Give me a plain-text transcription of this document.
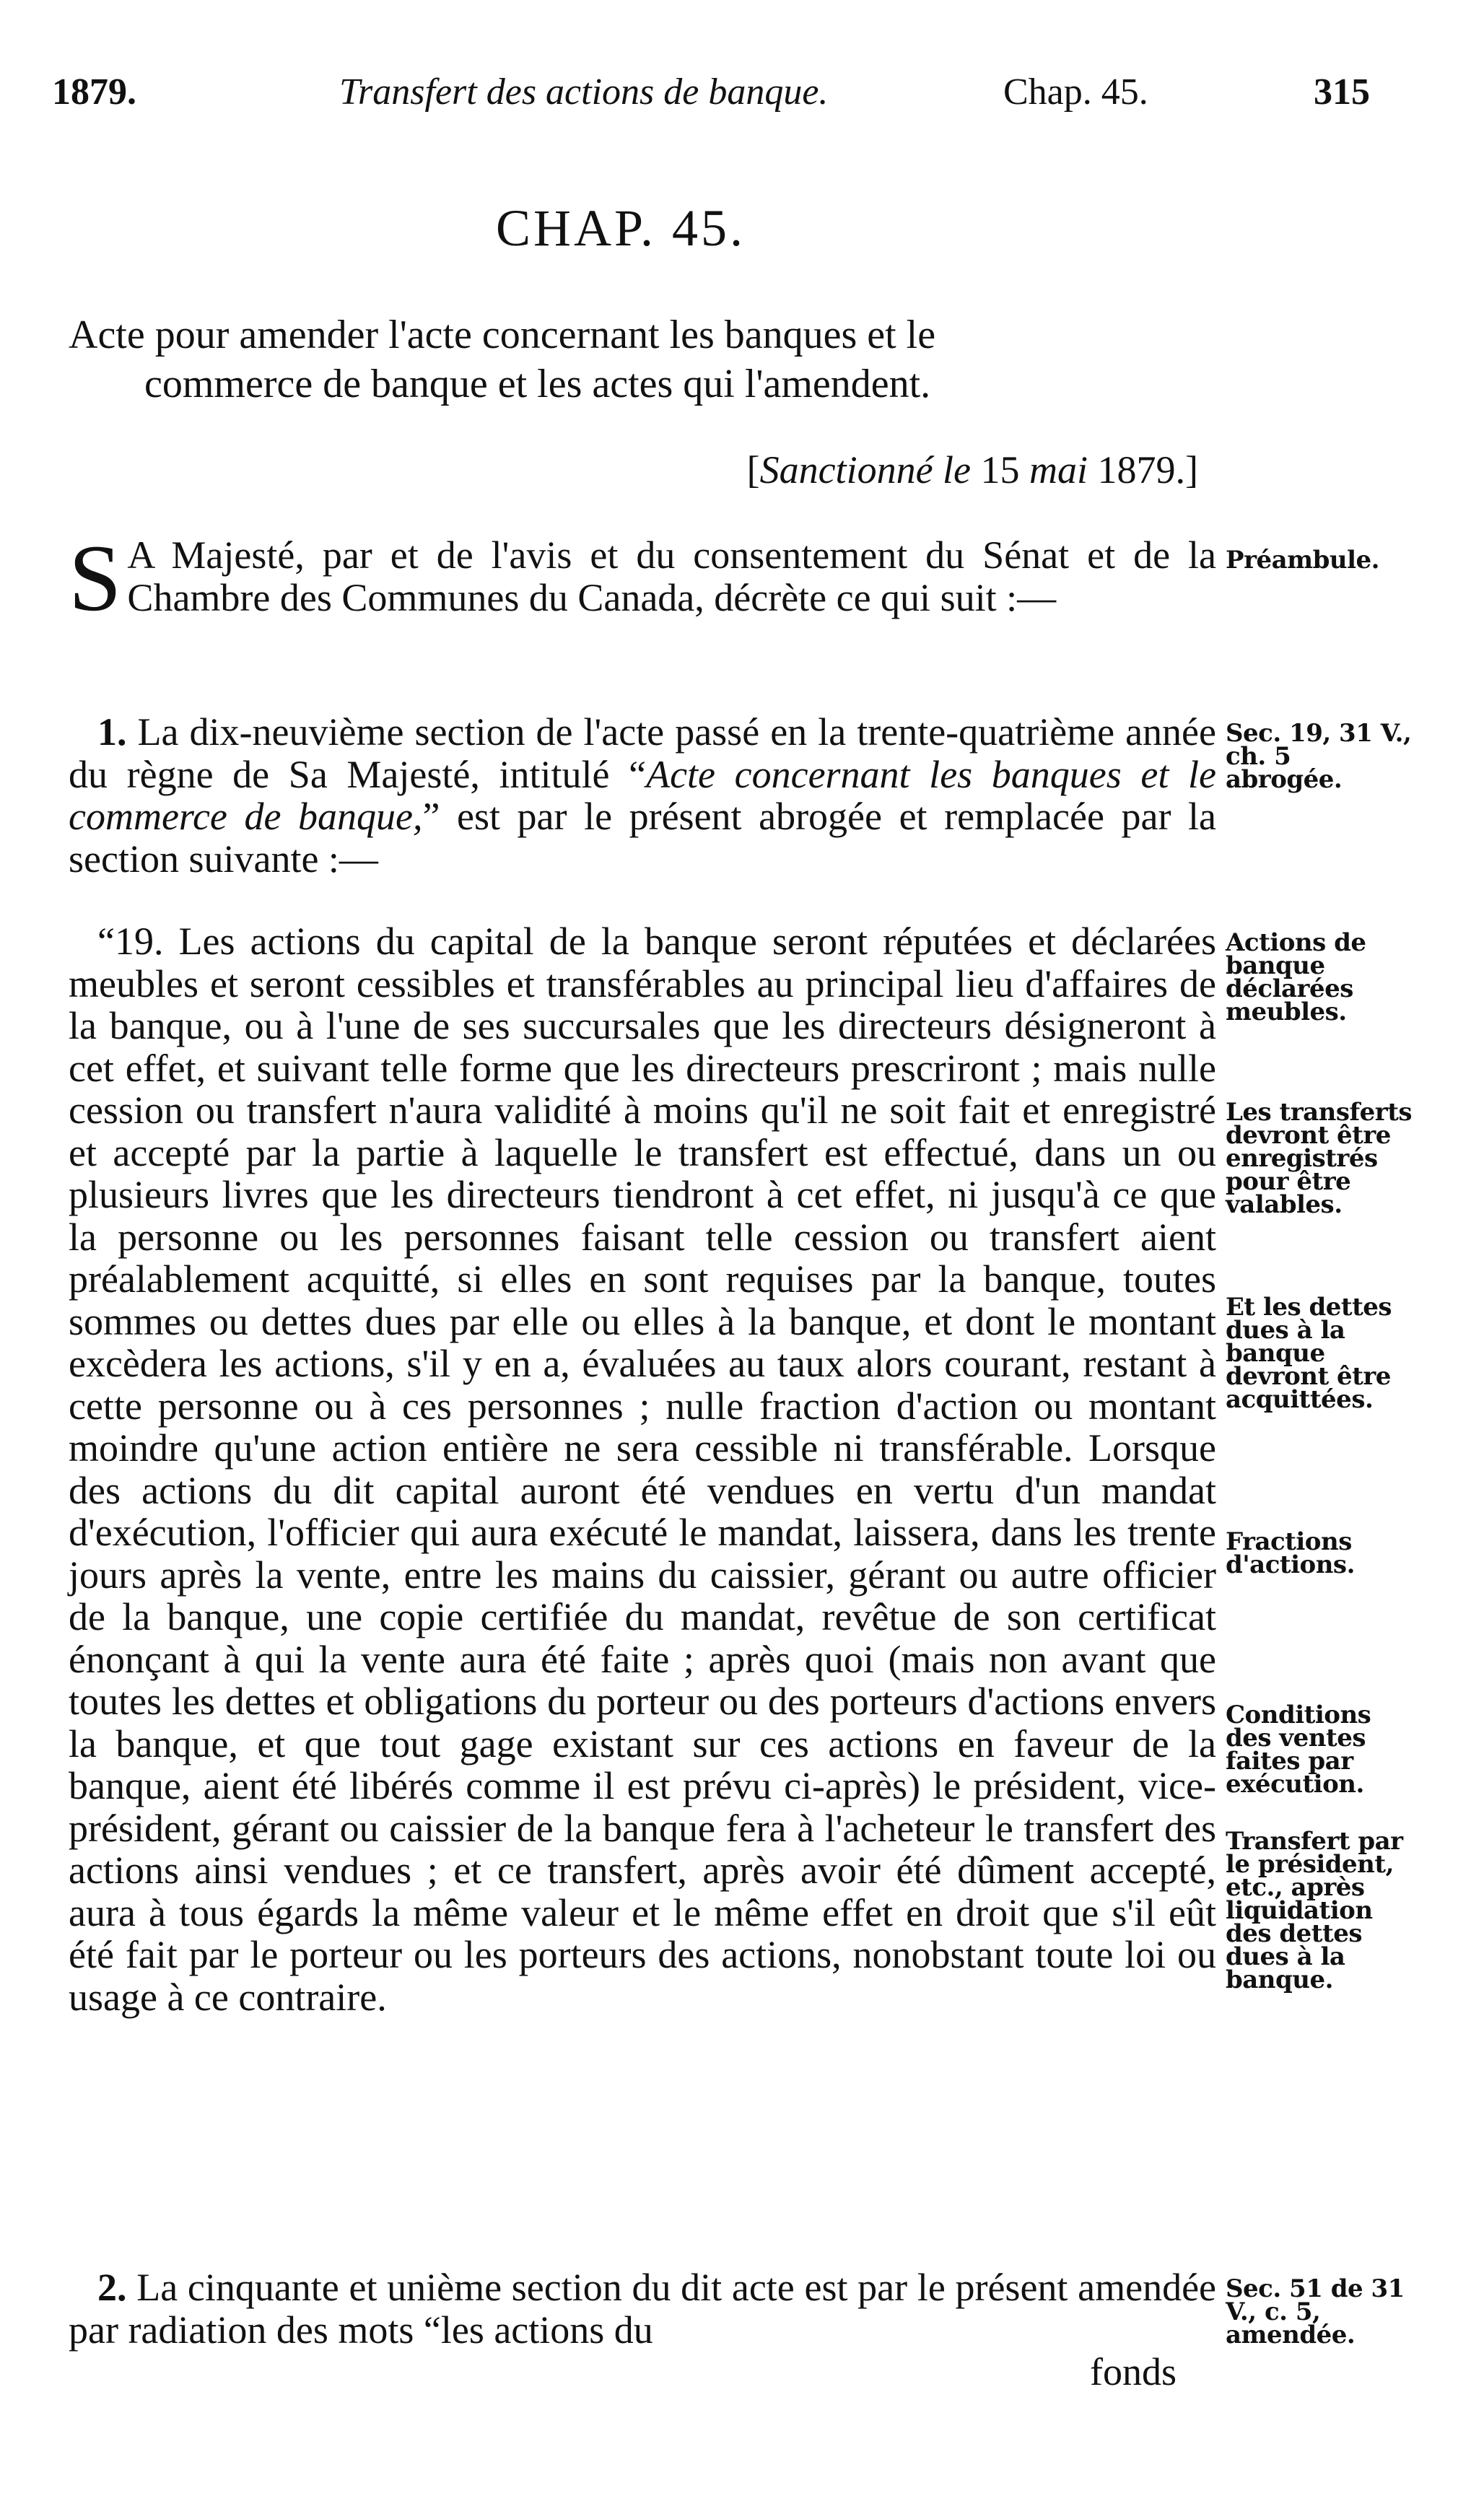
1879.	Transfert des actions de banque.	Chap. 45.	315
CHAP. 45.
Acte pour amender l'acte concernant les banques et le
commerce de banque et les actes qui l'amendent.
[Sanctionné le 15 mai 1879.]
S A Majesté, par et de l'avis et du consentement du Sénat et de la Chambre des Communes du Canada, décrète ce qui suit :—
1. La dix-neuvième section de l'acte passé en la trente-quatrième année du règne de Sa Majesté, intitulé “Acte concernant les banques et le commerce de banque,” est par le présent abrogée et remplacée par la section suivante :—
“19. Les actions du capital de la banque seront réputées et déclarées meubles et seront cessibles et transférables au principal lieu d'affaires de la banque, ou à l'une de ses succursales que les directeurs désigneront à cet effet, et suivant telle forme que les directeurs prescriront ; mais nulle cession ou transfert n'aura validité à moins qu'il ne soit fait et enregistré et accepté par la partie à laquelle le transfert est effectué, dans un ou plusieurs livres que les directeurs tiendront à cet effet, ni jusqu'à ce que la personne ou les personnes faisant telle cession ou transfert aient préalablement acquitté, si elles en sont requises par la banque, toutes sommes ou dettes dues par elle ou elles à la banque, et dont le montant excèdera les actions, s'il y en a, évaluées au taux alors courant, restant à cette personne ou à ces personnes ; nulle fraction d'action ou montant moindre qu'une action entière ne sera cessible ni transférable. Lorsque des actions du dit capital auront été vendues en vertu d'un mandat d'exécution, l'officier qui aura exécuté le mandat, laissera, dans les trente jours après la vente, entre les mains du caissier, gérant ou autre officier de la banque, une copie certifiée du mandat, revêtue de son certificat énonçant à qui la vente aura été faite ; après quoi (mais non avant que toutes les dettes et obligations du porteur ou des porteurs d'actions envers la banque, et que tout gage existant sur ces actions en faveur de la banque, aient été libérés comme il est prévu ci-après) le président, vice-président, gérant ou caissier de la banque fera à l'acheteur le transfert des actions ainsi vendues ; et ce transfert, après avoir été dûment accepté, aura à tous égards la même valeur et le même effet en droit que s'il eût été fait par le porteur ou les porteurs des actions, nonobstant toute loi ou usage à ce contraire.
2. La cinquante et unième section du dit acte est par le présent amendée par radiation des mots “les actions du
fonds
Préambule.
Sec. 19, 31 V., ch. 5 abrogée.
Actions de banque déclarées meubles.
Les transferts devront être enregistrés pour être valables.
Et les dettes dues à la banque devront être acquittées.
Fractions d'actions.
Conditions des ventes faites par exécution.
Transfert par le président, etc., après liquidation des dettes dues à la banque.
Sec. 51 de 31 V., c. 5, amendée.
